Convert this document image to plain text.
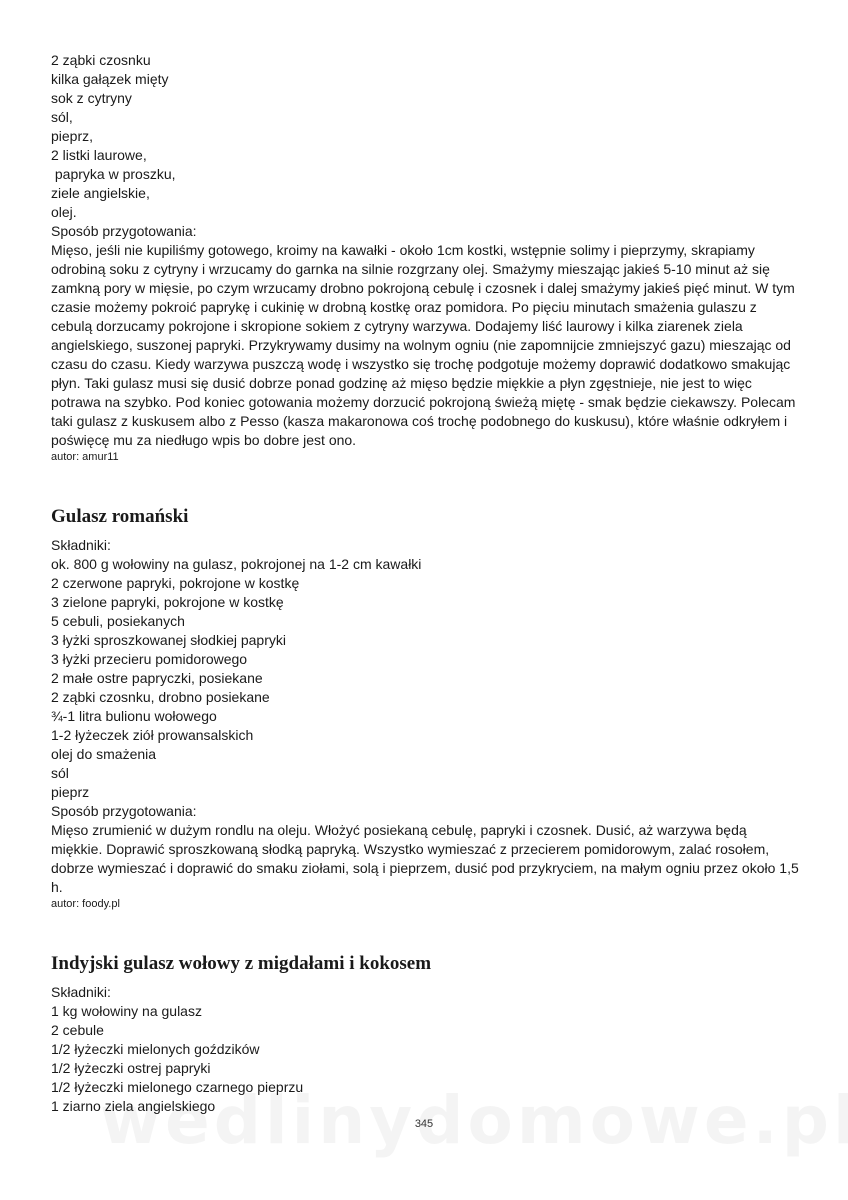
2 ząbki czosnku
kilka gałązek mięty
sok z cytryny
sól,
pieprz,
2 listki laurowe,
papryka w proszku,
ziele angielskie,
olej.
Sposób przygotowania:
Mięso, jeśli nie kupiliśmy gotowego, kroimy na kawałki - około 1cm kostki, wstępnie solimy i pieprzymy, skrapiamy odrobiną soku z cytryny i wrzucamy do garnka na silnie rozgrzany olej. Smażymy mieszając jakieś 5-10 minut aż się zamkną pory w mięsie, po czym wrzucamy drobno pokrojoną cebulę i czosnek i dalej smażymy jakieś pięć minut. W tym czasie możemy pokroić paprykę i cukinię w drobną kostkę oraz pomidora. Po pięciu minutach smażenia gulaszu z cebulą dorzucamy pokrojone i skropione sokiem z cytryny warzywa. Dodajemy liść laurowy i kilka ziarenek ziela angielskiego, suszonej papryki. Przykrywamy dusimy na wolnym ogniu (nie zapomnijcie zmniejszyć gazu) mieszając od czasu do czasu. Kiedy warzywa puszczą wodę i wszystko się trochę podgotuje możemy doprawić dodatkowo smakując płyn. Taki gulasz musi się dusić dobrze ponad godzinę aż mięso będzie miękkie a płyn zgęstnieje, nie jest to więc potrawa na szybko. Pod koniec gotowania możemy dorzucić pokrojoną świeżą miętę - smak będzie ciekawszy. Polecam taki gulasz z kuskusem albo z Pesso (kasza makaronowa coś trochę podobnego do kuskusu), które właśnie odkryłem i poświęcę mu za niedługo wpis bo dobre jest ono.
autor: amur11
Gulasz romański
Składniki:
ok. 800 g wołowiny na gulasz, pokrojonej na 1-2 cm kawałki
2 czerwone papryki, pokrojone w kostkę
3 zielone papryki, pokrojone w kostkę
5 cebuli, posiekanych
3 łyżki sproszkowanej słodkiej papryki
3 łyżki przecieru pomidorowego
2 małe ostre papryczki, posiekane
2 ząbki czosnku, drobno posiekane
¾-1 litra bulionu wołowego
1-2 łyżeczek ziół prowansalskich
olej do smażenia
sól
pieprz
Sposób przygotowania:
Mięso zrumienić w dużym rondlu na oleju. Włożyć posiekaną cebulę, papryki i czosnek. Dusić, aż warzywa będą miękkie. Doprawić sproszkowaną słodką papryką. Wszystko wymieszać z przecierem pomidorowym, zalać rosołem, dobrze wymieszać i doprawić do smaku ziołami, solą i pieprzem, dusić pod przykryciem, na małym ogniu przez około 1,5 h.
autor: foody.pl
Indyjski gulasz wołowy z migdałami i kokosem
Składniki:
1 kg wołowiny na gulasz
2 cebule
1/2 łyżeczki mielonych goździków
1/2 łyżeczki ostrej papryki
1/2 łyżeczki mielonego czarnego pieprzu
1 ziarno ziela angielskiego
345
